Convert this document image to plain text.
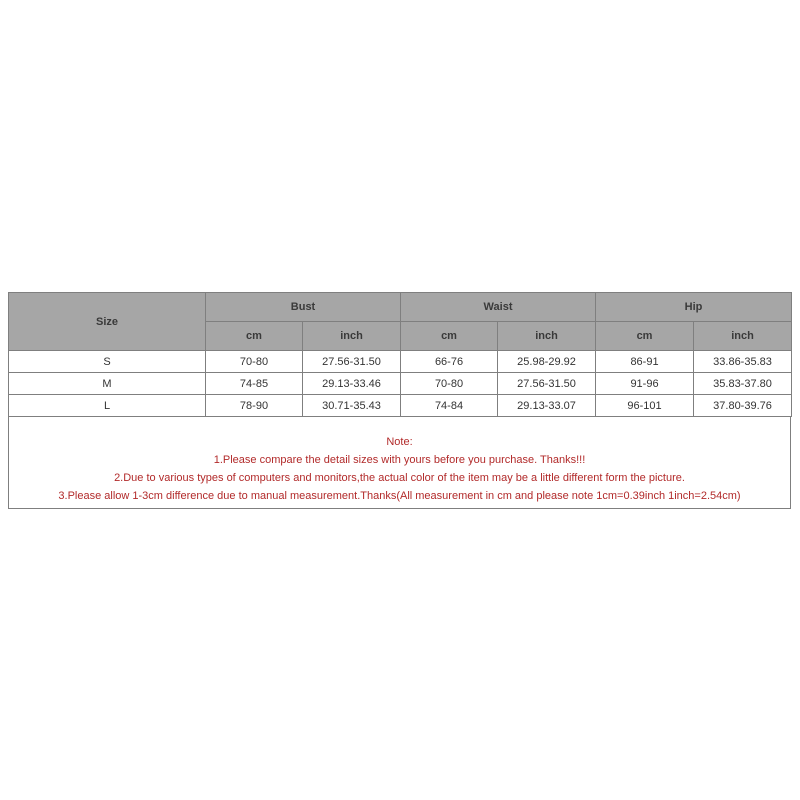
Size	Bust		Waist		Hip	
	cm	inch	cm	inch	cm	inch
S	70-80	27.56-31.50	66-76	25.98-29.92	86-91	33.86-35.83
M	74-85	29.13-33.46	70-80	27.56-31.50	91-96	35.83-37.80
L	78-90	30.71-35.43	74-84	29.13-33.07	96-101	37.80-39.76
Note:
1.Please compare the detail sizes with yours before you purchase. Thanks!!!
2.Due to various types of computers and monitors,the actual color of the item may be a little different form the picture.
3.Please allow 1-3cm difference due to manual measurement.Thanks(All measurement in cm and please note 1cm=0.39inch 1inch=2.54cm)
